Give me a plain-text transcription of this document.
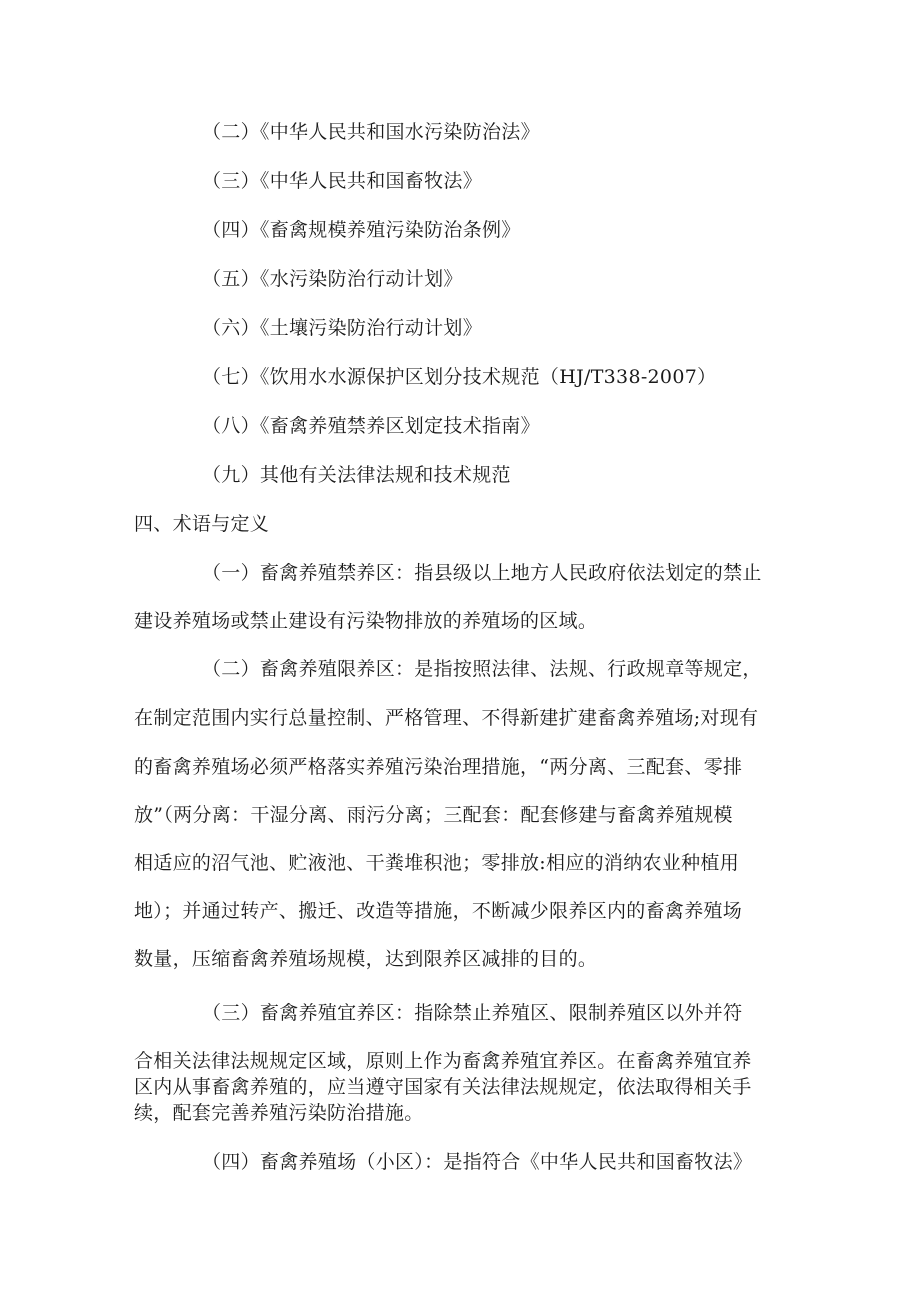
（二）《中华人民共和国水污染防治法》
（三）《中华人民共和国畜牧法》
（四）《畜禽规模养殖污染防治条例》
（五）《水污染防治行动计划》
（六）《土壤污染防治行动计划》
（七）《饮用水水源保护区划分技术规范（HJ/T338-2007）
（八）《畜禽养殖禁养区划定技术指南》
（九）其他有关法律法规和技术规范
四、术语与定义
（一）畜禽养殖禁养区：指县级以上地方人民政府依法划定的禁止
建设养殖场或禁止建设有污染物排放的养殖场的区域。
（二）畜禽养殖限养区：是指按照法律、法规、行政规章等规定，
在制定范围内实行总量控制、严格管理、不得新建扩建畜禽养殖场;对现有
的畜禽养殖场必须严格落实养殖污染治理措施，“两分离、三配套、零排
放”（两分离：干湿分离、雨污分离；三配套：配套修建与畜禽养殖规模
相适应的沼气池、贮液池、干粪堆积池；零排放:相应的消纳农业种植用
地）；并通过转产、搬迁、改造等措施，不断减少限养区内的畜禽养殖场
数量，压缩畜禽养殖场规模，达到限养区减排的目的。
（三）畜禽养殖宜养区：指除禁止养殖区、限制养殖区以外并符
合相关法律法规规定区域，原则上作为畜禽养殖宜养区。在畜禽养殖宜养
区内从事畜禽养殖的，应当遵守国家有关法律法规规定，依法取得相关手
续，配套完善养殖污染防治措施。
（四）畜禽养殖场（小区）：是指符合《中华人民共和国畜牧法》
